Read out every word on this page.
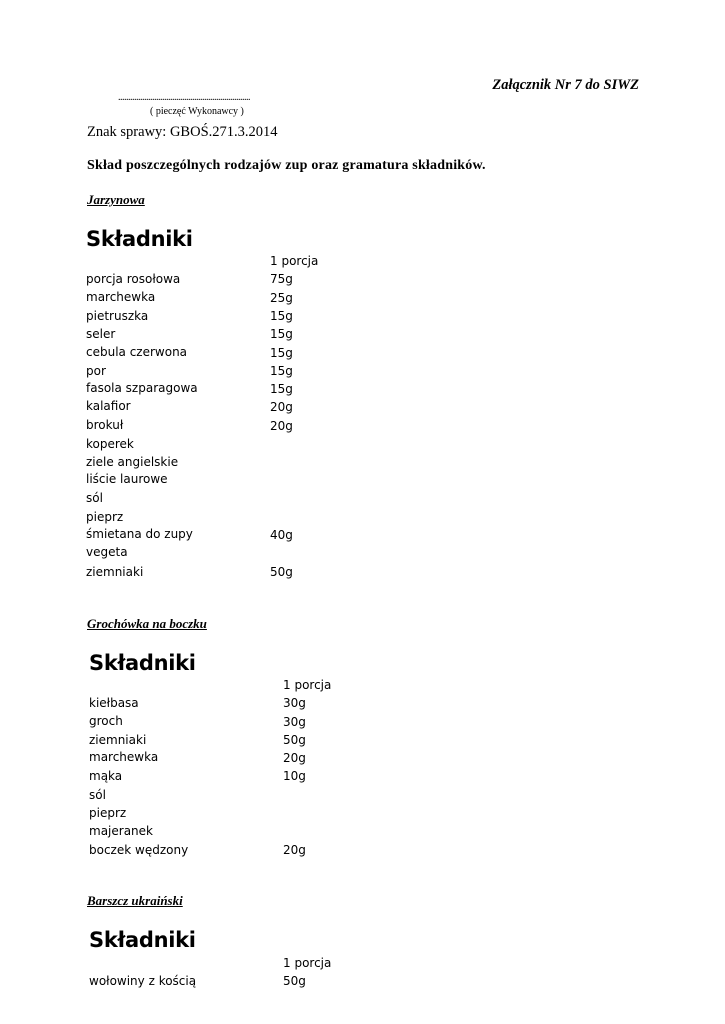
Załącznik Nr 7 do SIWZ
..................................................................
( pieczęć Wykonawcy )
Znak sprawy: GBOŚ.271.3.2014
Skład poszczególnych rodzajów zup oraz gramatura składników.
Jarzynowa
Składniki
1 porcja
porcja rosołowa	75g
marchewka	25g
pietruszka	15g
seler	15g
cebula czerwona	15g
por	15g
fasola szparagowa	15g
kalafior	20g
brokuł	20g
koperek
ziele angielskie
liście laurowe
sól
pieprz
śmietana do zupy	40g
vegeta
ziemniaki	50g
Grochówka na boczku
Składniki
1 porcja
kiełbasa	30g
groch	30g
ziemniaki	50g
marchewka	20g
mąka	10g
sól
pieprz
majeranek
boczek wędzony	20g
Barszcz ukraiński
Składniki
1 porcja
wołowiny z kością	50g
